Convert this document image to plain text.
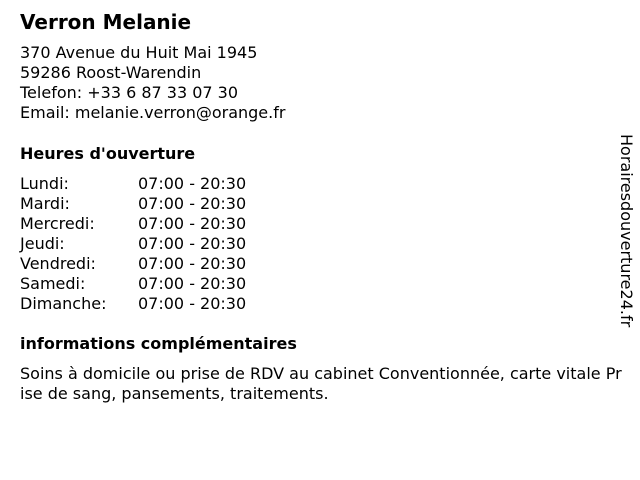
Verron Melanie
370 Avenue du Huit Mai 1945
59286 Roost-Warendin
Telefon: +33 6 87 33 07 30
Email: melanie.verron@orange.fr
Heures d'ouverture
Lundi:	07:00 - 20:30
Mardi:	07:00 - 20:30
Mercredi:	07:00 - 20:30
Jeudi:	07:00 - 20:30
Vendredi:	07:00 - 20:30
Samedi:	07:00 - 20:30
Dimanche:	07:00 - 20:30
informations complémentaires
Soins à domicile ou prise de RDV au cabinet Conventionnée, carte vitale Prise de sang, pansements, traitements.
Horairesdouverture24.fr
